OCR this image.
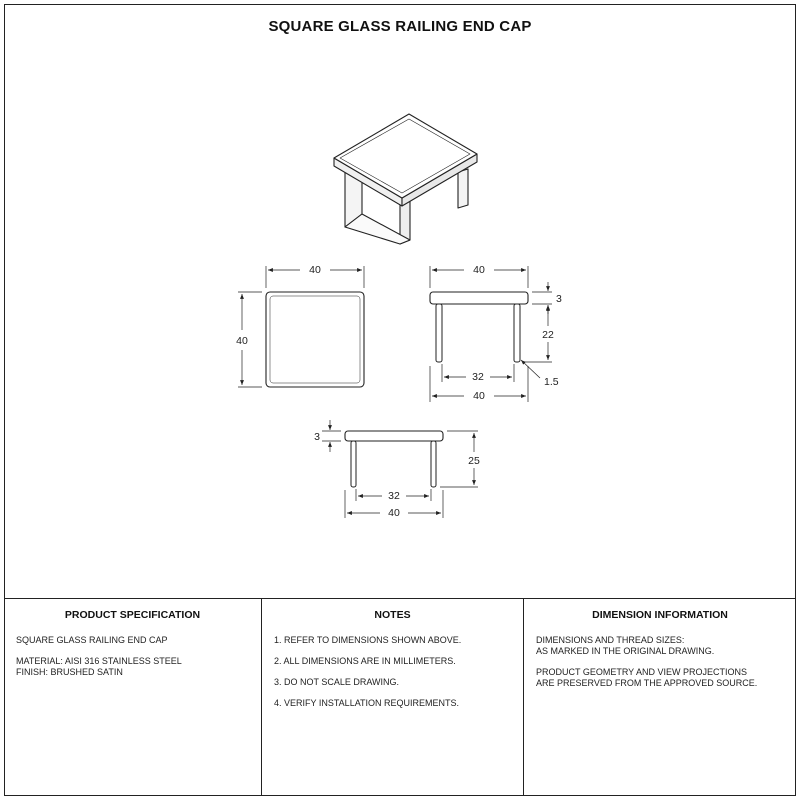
SQUARE GLASS RAILING END CAP
40
40
40
3
22
32	1.5
40
3
25
32
40
PRODUCT SPECIFICATION

SQUARE GLASS RAILING END CAP

MATERIAL: AISI 316 STAINLESS STEEL

FINISH: BRUSHED SATIN

NOTES
1. REFER TO DIMENSIONS SHOWN ABOVE.
2. ALL DIMENSIONS ARE IN MILLIMETERS.
3. DO NOT SCALE DRAWING.
4. VERIFY INSTALLATION REQUIREMENTS.
DIMENSION INFORMATION

DIMENSIONS AND THREAD SIZES:

AS MARKED IN THE ORIGINAL DRAWING.

PRODUCT GEOMETRY AND VIEW PROJECTIONS

ARE PRESERVED FROM THE APPROVED SOURCE.
